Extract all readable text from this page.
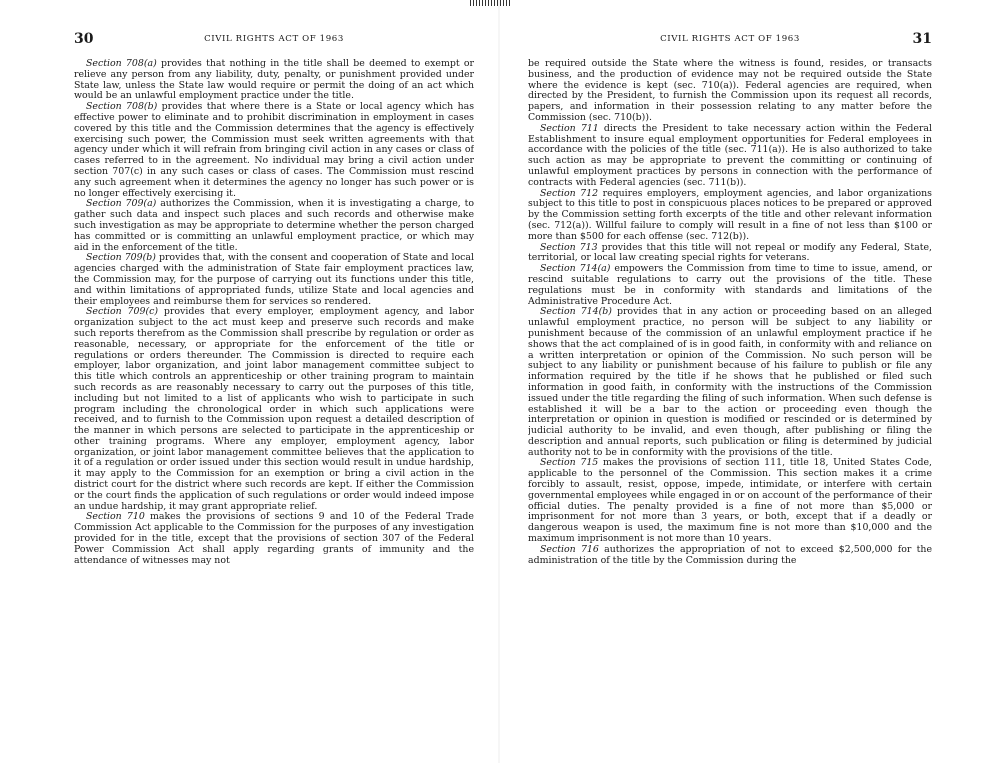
30	CIVIL RIGHTS ACT OF 1963

Section 708(a) provides that nothing in the title shall be deemed to exempt or relieve any person from any liability, duty, penalty, or punishment provided under State law, unless the State law would require or permit the doing of an act which would be an unlawful employment practice under the title.

Section 708(b) provides that where there is a State or local agency which has effective power to eliminate and to prohibit discrimination in employment in cases covered by this title and the Commission determines that the agency is effectively exercising such power, the Commission must seek written agreements with that agency under which it will refrain from bringing civil action in any cases or class of cases referred to in the agreement. No individual may bring a civil action under section 707(c) in any such cases or class of cases. The Commission must rescind any such agreement when it determines the agency no longer has such power or is no longer effectively exercising it.

Section 709(a) authorizes the Commission, when it is investigating a charge, to gather such data and inspect such places and such records and otherwise make such investigation as may be appropriate to determine whether the person charged has committed or is committing an unlawful employment practice, or which may aid in the enforcement of the title.

Section 709(b) provides that, with the consent and cooperation of State and local agencies charged with the administration of State fair employment practices law, the Commission may, for the purpose of carrying out its functions under this title, and within limitations of appropriated funds, utilize State and local agencies and their employees and reimburse them for services so rendered.

Section 709(c) provides that every employer, employment agency, and labor organization subject to the act must keep and preserve such records and make such reports therefrom as the Commission shall prescribe by regulation or order as reasonable, necessary, or appropriate for the enforcement of the title or regulations or orders thereunder. The Commission is directed to require each employer, labor organization, and joint labor management committee subject to this title which controls an apprenticeship or other training program to maintain such records as are reasonably necessary to carry out the purposes of this title, including but not limited to a list of applicants who wish to participate in such program including the chronological order in which such applications were received, and to furnish to the Commission upon request a detailed description of the manner in which persons are selected to participate in the apprenticeship or other training programs. Where any employer, employment agency, labor organization, or joint labor management committee believes that the application to it of a regulation or order issued under this section would result in undue hardship, it may apply to the Commission for an exemption or bring a civil action in the district court for the district where such records are kept. If either the Commission or the court finds the application of such regulations or order would indeed impose an undue hardship, it may grant appropriate relief.

Section 710 makes the provisions of sections 9 and 10 of the Federal Trade Commission Act applicable to the Commission for the purposes of any investigation provided for in the title, except that the provisions of section 307 of the Federal Power Commission Act shall apply regarding grants of immunity and the attendance of witnesses may not

CIVIL RIGHTS ACT OF 1963	31

be required outside the State where the witness is found, resides, or transacts business, and the production of evidence may not be required outside the State where the evidence is kept (sec. 710(a)). Federal agencies are required, when directed by the President, to furnish the Commission upon its request all records, papers, and information in their possession relating to any matter before the Commission (sec. 710(b)).

Section 711 directs the President to take necessary action within the Federal Establishment to insure equal employment opportunities for Federal employees in accordance with the policies of the title (sec. 711(a)). He is also authorized to take such action as may be appropriate to prevent the committing or continuing of unlawful employment practices by persons in connection with the performance of contracts with Federal agencies (sec. 711(b)).

Section 712 requires employers, employment agencies, and labor organizations subject to this title to post in conspicuous places notices to be prepared or approved by the Commission setting forth excerpts of the title and other relevant information (sec. 712(a)). Willful failure to comply will result in a fine of not less than $100 or more than $500 for each offense (sec. 712(b)).

Section 713 provides that this title will not repeal or modify any Federal, State, territorial, or local law creating special rights for veterans.

Section 714(a) empowers the Commission from time to time to issue, amend, or rescind suitable regulations to carry out the provisions of the title. These regulations must be in conformity with standards and limitations of the Administrative Procedure Act.

Section 714(b) provides that in any action or proceeding based on an alleged unlawful employment practice, no person will be subject to any liability or punishment because of the commission of an unlawful employment practice if he shows that the act complained of is in good faith, in conformity with and reliance on a written interpretation or opinion of the Commission. No such person will be subject to any liability or punishment because of his failure to publish or file any information required by the title if he shows that he published or filed such information in good faith, in conformity with the instructions of the Commission issued under the title regarding the filing of such information. When such defense is established it will be a bar to the action or proceeding even though the interpretation or opinion in question is modified or rescinded or is determined by judicial authority to be invalid, and even though, after publishing or filing the description and annual reports, such publication or filing is determined by judicial authority not to be in conformity with the provisions of the title.

Section 715 makes the provisions of section 111, title 18, United States Code, applicable to the personnel of the Commission. This section makes it a crime forcibly to assault, resist, oppose, impede, intimidate, or interfere with certain governmental employees while engaged in or on account of the performance of their official duties. The penalty provided is a fine of not more than $5,000 or imprisonment for not more than 3 years, or both, except that if a deadly or dangerous weapon is used, the maximum fine is not more than $10,000 and the maximum imprisonment is not more than 10 years.

Section 716 authorizes the appropriation of not to exceed $2,500,000 for the administration of the title by the Commission during the
